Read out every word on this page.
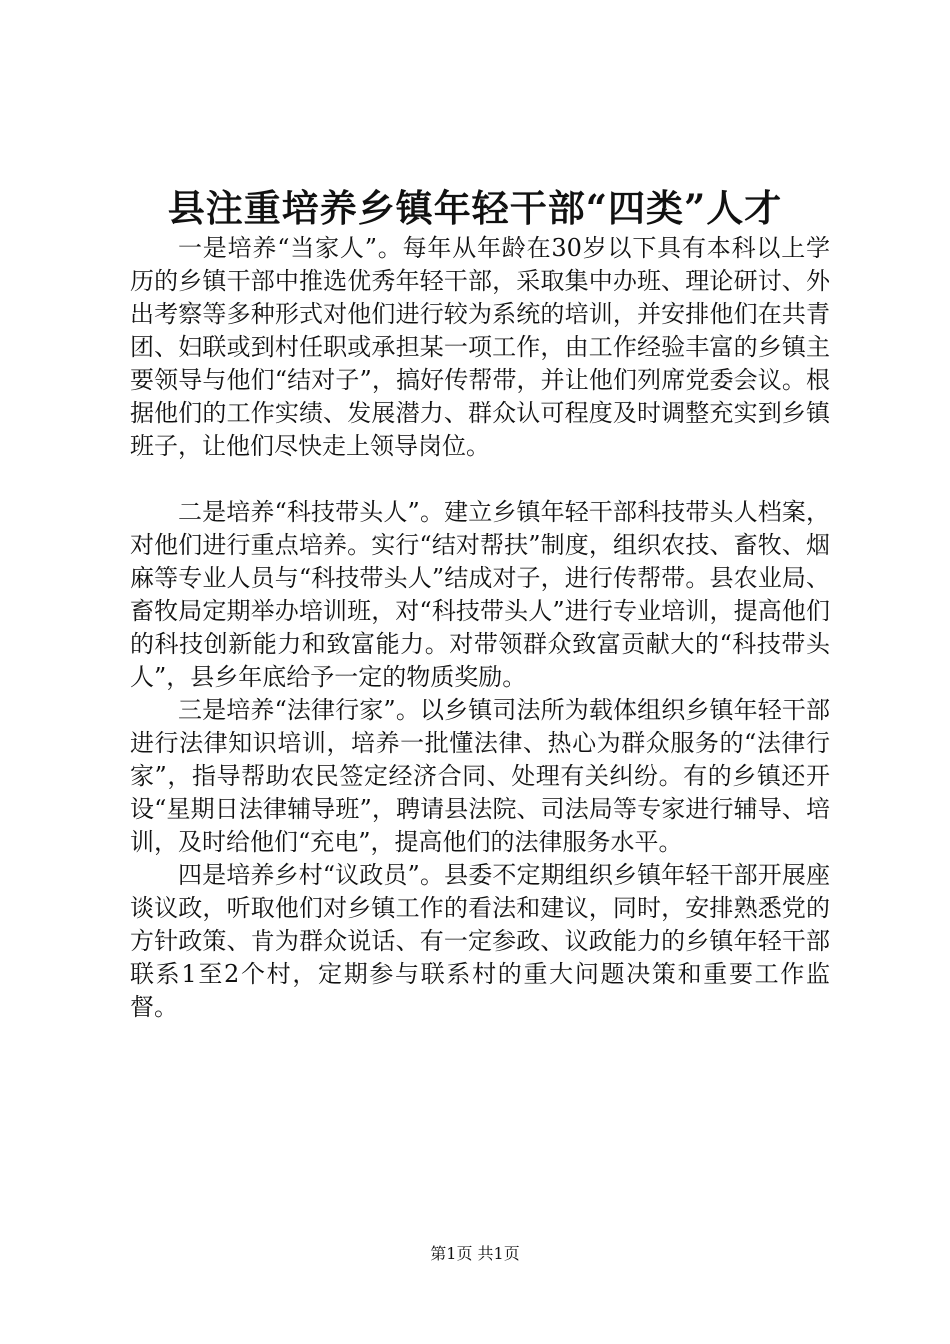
县注重培养乡镇年轻干部“四类”人才

一是培养“当家人”。每年从年龄在30岁以下具有本科以上学历的乡镇干部中推选优秀年轻干部，采取集中办班、理论研讨、外出考察等多种形式对他们进行较为系统的培训，并安排他们在共青团、妇联或到村任职或承担某一项工作，由工作经验丰富的乡镇主要领导与他们“结对子”，搞好传帮带，并让他们列席党委会议。根据他们的工作实绩、发展潜力、群众认可程度及时调整充实到乡镇班子，让他们尽快走上领导岗位。

二是培养“科技带头人”。建立乡镇年轻干部科技带头人档案，对他们进行重点培养。实行“结对帮扶”制度，组织农技、畜牧、烟麻等专业人员与“科技带头人”结成对子，进行传帮带。县农业局、畜牧局定期举办培训班，对“科技带头人”进行专业培训，提高他们的科技创新能力和致富能力。对带领群众致富贡献大的“科技带头人”，县乡年底给予一定的物质奖励。

三是培养“法律行家”。以乡镇司法所为载体组织乡镇年轻干部进行法律知识培训，培养一批懂法律、热心为群众服务的“法律行家”，指导帮助农民签定经济合同、处理有关纠纷。有的乡镇还开设“星期日法律辅导班”，聘请县法院、司法局等专家进行辅导、培训，及时给他们“充电”，提高他们的法律服务水平。

四是培养乡村“议政员”。县委不定期组织乡镇年轻干部开展座谈议政，听取他们对乡镇工作的看法和建议，同时，安排熟悉党的方针政策、肯为群众说话、有一定参政、议政能力的乡镇年轻干部联系1至2个村，定期参与联系村的重大问题决策和重要工作监督。

第1页 共1页
